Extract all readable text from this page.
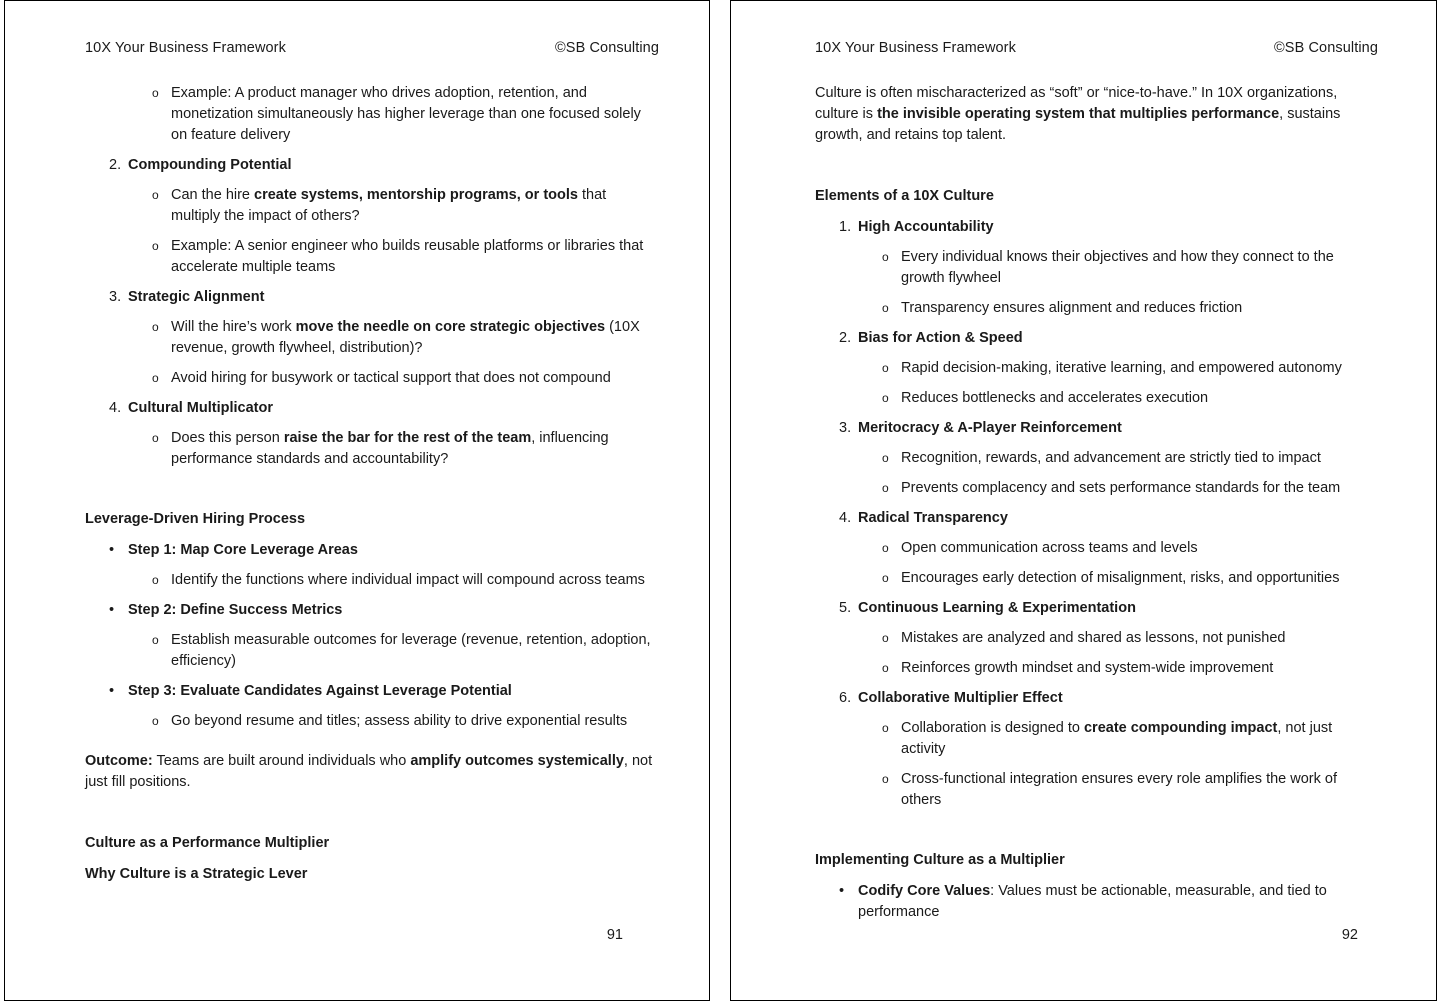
10X Your Business Framework	©SB Consulting
o Example: A product manager who drives adoption, retention, and monetization simultaneously has higher leverage than one focused solely on feature delivery
2. Compounding Potential
o Can the hire create systems, mentorship programs, or tools that multiply the impact of others?
o Example: A senior engineer who builds reusable platforms or libraries that accelerate multiple teams
3. Strategic Alignment
o Will the hire’s work move the needle on core strategic objectives (10X revenue, growth flywheel, distribution)?
o Avoid hiring for busywork or tactical support that does not compound
4. Cultural Multiplicator
o Does this person raise the bar for the rest of the team, influencing performance standards and accountability?
Leverage-Driven Hiring Process
• Step 1: Map Core Leverage Areas
o Identify the functions where individual impact will compound across teams
• Step 2: Define Success Metrics
o Establish measurable outcomes for leverage (revenue, retention, adoption, efficiency)
• Step 3: Evaluate Candidates Against Leverage Potential
o Go beyond resume and titles; assess ability to drive exponential results

Outcome: Teams are built around individuals who amplify outcomes systemically, not just fill positions.

Culture as a Performance Multiplier
Why Culture is a Strategic Lever
91
10X Your Business Framework	©SB Consulting

Culture is often mischaracterized as “soft” or “nice-to-have.” In 10X organizations, culture is the invisible operating system that multiplies performance, sustains growth, and retains top talent.

Elements of a 10X Culture
1. High Accountability
o Every individual knows their objectives and how they connect to the growth flywheel
o Transparency ensures alignment and reduces friction
2. Bias for Action & Speed
o Rapid decision-making, iterative learning, and empowered autonomy
o Reduces bottlenecks and accelerates execution
3. Meritocracy & A-Player Reinforcement
o Recognition, rewards, and advancement are strictly tied to impact
o Prevents complacency and sets performance standards for the team
4. Radical Transparency
o Open communication across teams and levels
o Encourages early detection of misalignment, risks, and opportunities
5. Continuous Learning & Experimentation
o Mistakes are analyzed and shared as lessons, not punished
o Reinforces growth mindset and system-wide improvement
6. Collaborative Multiplier Effect
o Collaboration is designed to create compounding impact, not just activity
o Cross-functional integration ensures every role amplifies the work of others
Implementing Culture as a Multiplier
• Codify Core Values: Values must be actionable, measurable, and tied to performance
92
